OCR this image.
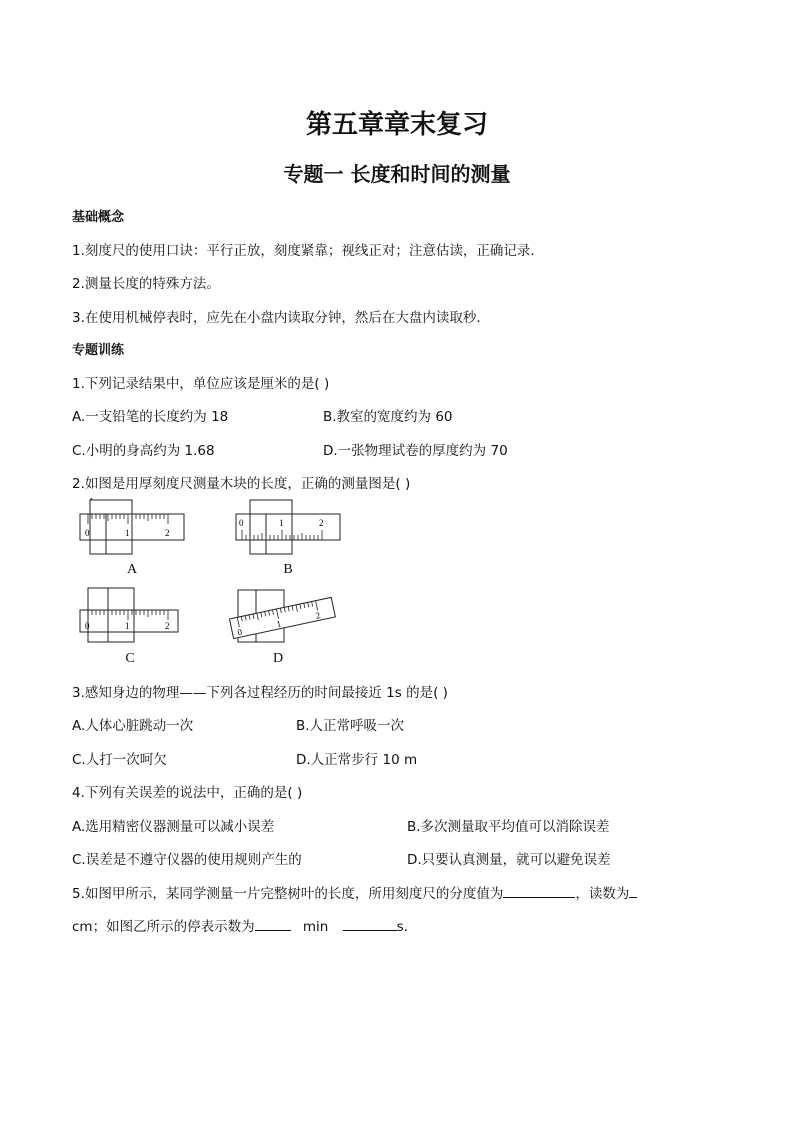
第五章章末复习
专题一 长度和时间的测量
基础概念
1.刻度尺的使用口诀：平行正放，刻度紧靠；视线正对；注意估读，正确记录.
2.测量长度的特殊方法。
3.在使用机械停表时，应先在小盘内读取分钟，然后在大盘内读取秒.
专题训练
1.下列记录结果中，单位应该是厘米的是( )
A.一支铅笔的长度约为 18	B.教室的宽度约为 60
C.小明的身高约为 1.68	D.一张物理试卷的厚度约为 70
2.如图是用厚刻度尺测量木块的长度，正确的测量图是( )
0	1	2
A
0	1	2
B
0	1	2
C
0
1
2
D
3.感知身边的物理——下列各过程经历的时间最接近 1s 的是( )
A.人体心脏跳动一次	B.人正常呼吸一次
C.人打一次呵欠	D.人正常步行 10 m
4.下列有关误差的说法中，正确的是( )
A.选用精密仪器测量可以减小误差	B.多次测量取平均值可以消除误差
C.误差是不遵守仪器的使用规则产生的	D.只要认真测量，就可以避免误差
5.如图甲所示，某同学测量一片完整树叶的长度，所用刻度尺的分度值为	，读数为
cm；如图乙所示的停表示数为	min	s.
